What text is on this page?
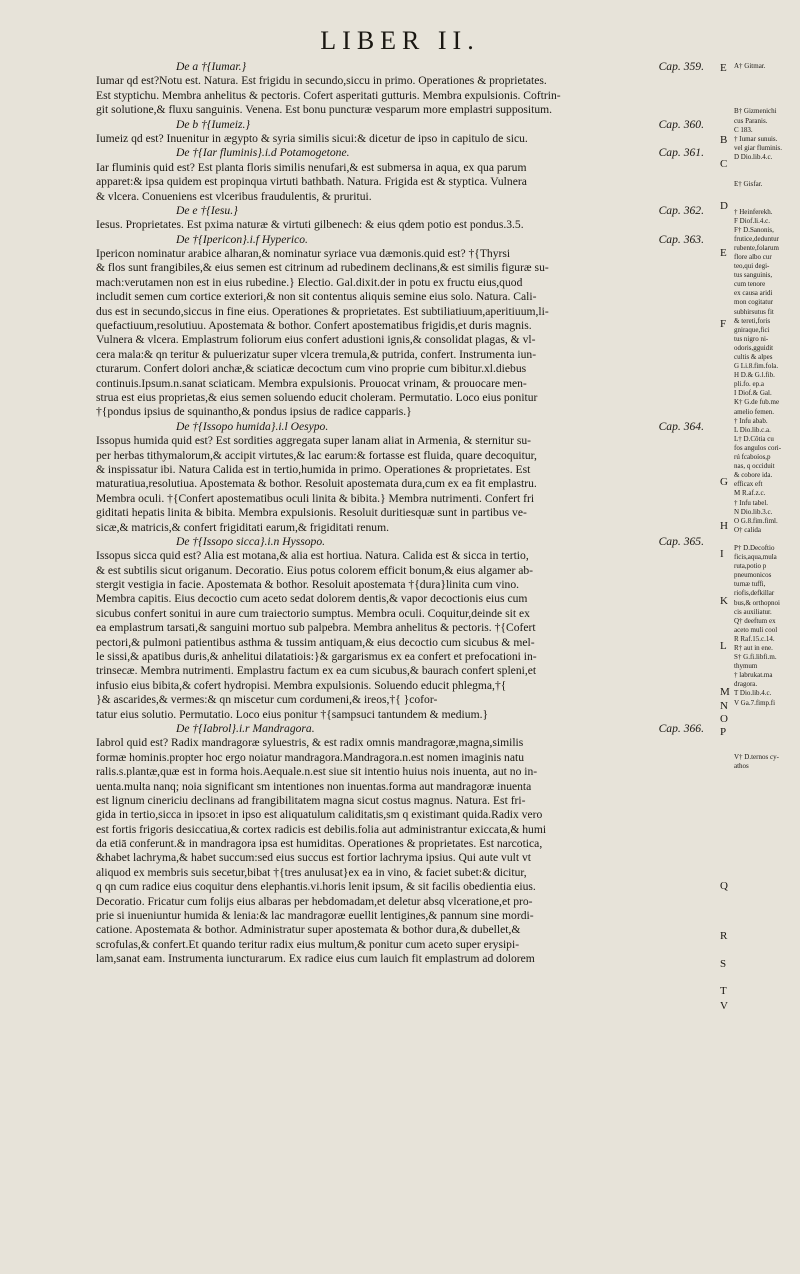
LIBER II.
De a †{Iumar.}	Cap. 359.
Iumar qd est?Notu est. Natura. Est frigidu in secundo,siccu in primo. Operationes & proprietates.
Est styptichu. Membra anhelitus & pectoris. Cofert asperitati gutturis. Membra expulsionis. Coftrin-
git solutione,& fluxu sanguinis. Venena. Est bonu puncturæ vesparum more emplastri suppositum.
De b †{Iumeiz.}	Cap. 360.
Iumeiz qd est? Inuenitur in ægypto & syria similis sicui:& dicetur de ipso in capitulo de sicu.
De †{Iar fluminis}.i.d Potamogetone.	Cap. 361.
Iar fluminis quid est? Est planta floris similis nenufari,& est submersa in aqua, ex qua parum
apparet:& ipsa quidem est propinqua virtuti bathbath. Natura. Frigida est & styptica. Vulnera
& vlcera. Conueniens est vlceribus fraudulentis, & pruritui.
De e †{Iesu.}	Cap. 362.
Iesus. Proprietates. Est pxima naturæ & virtuti gilbenech: & eius qdem potio est pondus.3.5.
De †{Ipericon}.i.f Hyperico.	Cap. 363.
Ipericon nominatur arabice alharan,& nominatur syriace vua dæmonis.quid est? †{Thyrsi
& flos sunt frangibiles,& eius semen est citrinum ad rubedinem declinans,& est similis figuræ su-
mach:verutamen non est in eius rubedine.} Electio. Gal.dixit.der in potu ex fructu eius,quod
includit semen cum cortice exteriori,& non sit contentus aliquis semine eius solo. Natura. Cali-
dus est in secundo,siccus in fine eius. Operationes & proprietates. Est subtiliatiuum,aperitiuum,li-
quefactiuum,resolutiuu. Apostemata & bothor. Confert apostematibus frigidis,et duris magnis.
Vulnera & vlcera. Emplastrum foliorum eius confert adustioni ignis,& consolidat plagas, & vl-
cera mala:& qn teritur & puluerizatur super vlcera tremula,& putrida, confert. Instrumenta iun-
cturarum. Confert dolori anchæ,& sciaticæ decoctum cum vino proprie cum bibitur.xl.diebus
continuis.Ipsum.n.sanat sciaticam. Membra expulsionis. Prouocat vrinam, & prouocare men-
strua est eius proprietas,& eius semen soluendo educit choleram. Permutatio. Loco eius ponitur
†{pondus ipsius de squinantho,& pondus ipsius de radice capparis.}
De †{Issopo humida}.i.l Oesypo.	Cap. 364.
Issopus humida quid est? Est sordities aggregata super lanam aliat in Armenia, & sternitur su-
per herbas tithymalorum,& accipit virtutes,& lac earum:& fortasse est fluida, quare decoquitur,
& inspissatur ibi. Natura Calida est in tertio,humida in primo. Operationes & proprietates. Est
maturatiua,resolutiua. Apostemata & bothor. Resoluit apostemata dura,cum ex ea fit emplastru.
Membra oculi. †{Confert apostematibus oculi linita & bibita.} Membra nutrimenti. Confert fri
giditati hepatis linita & bibita. Membra expulsionis. Resoluit duritiesquæ sunt in partibus ve-
sicæ,& matricis,& confert frigiditati earum,& frigiditati renum.
De †{Issopo sicca}.i.n Hyssopo.	Cap. 365.
Issopus sicca quid est? Alia est motana,& alia est hortiua. Natura. Calida est & sicca in tertio,
& est subtilis sicut origanum. Decoratio. Eius potus colorem efficit bonum,& eius algamer ab-
stergit vestigia in facie. Apostemata & bothor. Resoluit apostemata †{dura}linita cum vino.
Membra capitis. Eius decoctio cum aceto sedat dolorem dentis,& vapor decoctionis eius cum
sicubus confert sonitui in aure cum traiectorio sumptus. Membra oculi. Coquitur,deinde sit ex
ea emplastrum tarsati,& sanguini mortuo sub palpebra. Membra anhelitus & pectoris. †{Cofert
pectori,& pulmoni patientibus asthma & tussim antiquam,& eius decoctio cum sicubus & mel-
le sissi,& apatibus duris,& anhelitui dilatatiois:}& gargarismus ex ea confert et prefocationi in-
trinsecæ. Membra nutrimenti. Emplastru factum ex ea cum sicubus,& baurach confert spleni,et
infusio eius bibita,& cofert hydropisi. Membra expulsionis. Soluendo educit phlegma,†{
}& ascarides,& vermes:& qn miscetur cum cordumeni,& ireos,†{ }cofor-
tatur eius solutio. Permutatio. Loco eius ponitur †{sampsuci tantundem & medium.}
De †{Iabrol}.i.r Mandragora.	Cap. 366.
Iabrol quid est? Radix mandragoræ syluestris, & est radix omnis mandragoræ,magna,similis
formæ hominis.propter hoc ergo noiatur mandragora.Mandragora.n.est nomen imaginis natu
ralis.s.plantæ,quæ est in forma hois.Aequale.n.est siue sit intentio huius nois inuenta, aut no in-
uenta.multa nanq; noia significant sm intentiones non inuentas.forma aut mandragoræ inuenta
est lignum cinericiu declinans ad frangibilitatem magna sicut costus magnus. Natura. Est fri-
gida in tertio,sicca in ipso:et in ipso est aliquatulum caliditatis,sm q existimant quida.Radix vero
est fortis frigoris desiccatiua,& cortex radicis est debilis.folia aut administrantur exiccata,& humi
da etiā conferunt.& in mandragora ipsa est humiditas. Operationes & proprietates. Est narcotica,
&habet lachryma,& habet succum:sed eius succus est fortior lachryma ipsius. Qui aute vult vt
aliquod ex membris suis secetur,bibat †{tres anulusat}ex ea in vino, & faciet subet:& dicitur,
q qn cum radice eius coquitur dens elephantis.vi.horis lenit ipsum, & sit facilis obedientia eius.
Decoratio. Fricatur cum folijs eius albaras per hebdomadam,et deletur absq vlceratione,et pro-
prie si inueniuntur humida & lenia:& lac mandragoræ euellit lentigines,& pannum sine mordi-
catione. Apostemata & bothor. Administratur super apostemata & bothor dura,& dubellet,&
scrofulas,& confert.Et quando teritur radix eius multum,& ponitur cum aceto super erysipi-
lam,sanat eam. Instrumenta iuncturarum. Ex radice eius cum lauich fit emplastrum ad dolorem
E
B
C
D
E
F
G
H
I
K
L
M
N
O
P
Q
R
S
T
V
A† Gitmar.
B† Gizmenichi
cus Paranis.
C 183.
† Iumar sunuis.
vel giar fluminis.
D Dio.lib.4.c.
E† Gisfar.
† Heinferekh.
F Diof.li.4.c.
F† D.Sanonis,
frutice,deduntur
rubente,folarum
flore albo cur
teo,qui degi-
tus sanguinis,
cum tenore
ex causa aridi
mon cogitatur
subhirsutus fit
& tereti,foris
gniraque,fici
tus nigro ni-
odoris,gguidit
cultis & alpes
G Li.8.fim.fola.
H D.& G.l.fib.
pli.fo. ep.a
I Diof.& Gal.
K† G.de fub.me
amelio femen.
† Infu abab.
L Dio.lib.c.a.
L† D.Côtia cu
fos angulos cori-
rú fcaboíos,p
nas, q occiduit
& cobore ida.
efficax eft
M R.af.z.c.
† Infu tabel.
N Dio.lib.3.c.
O G.8.fim.fiml.
O† calida
P† D.Decoftio
ficis,aqua,mula
ruta,potio p
pneumonicos
turnæ tuffi,
riofis,defkillar
bus,& orthopnoi
cis auxiliatur.
Q† deeftum ex
aceto muli cool
R Raf.15.c.14.
R† aut in ene.
S† G.fi.libfi.m.
thymum
† labrukat.ma
dragora.
T Dio.lib.4.c.
V Ga.7.fimp.fi
V† D.ternos cy-
athos
